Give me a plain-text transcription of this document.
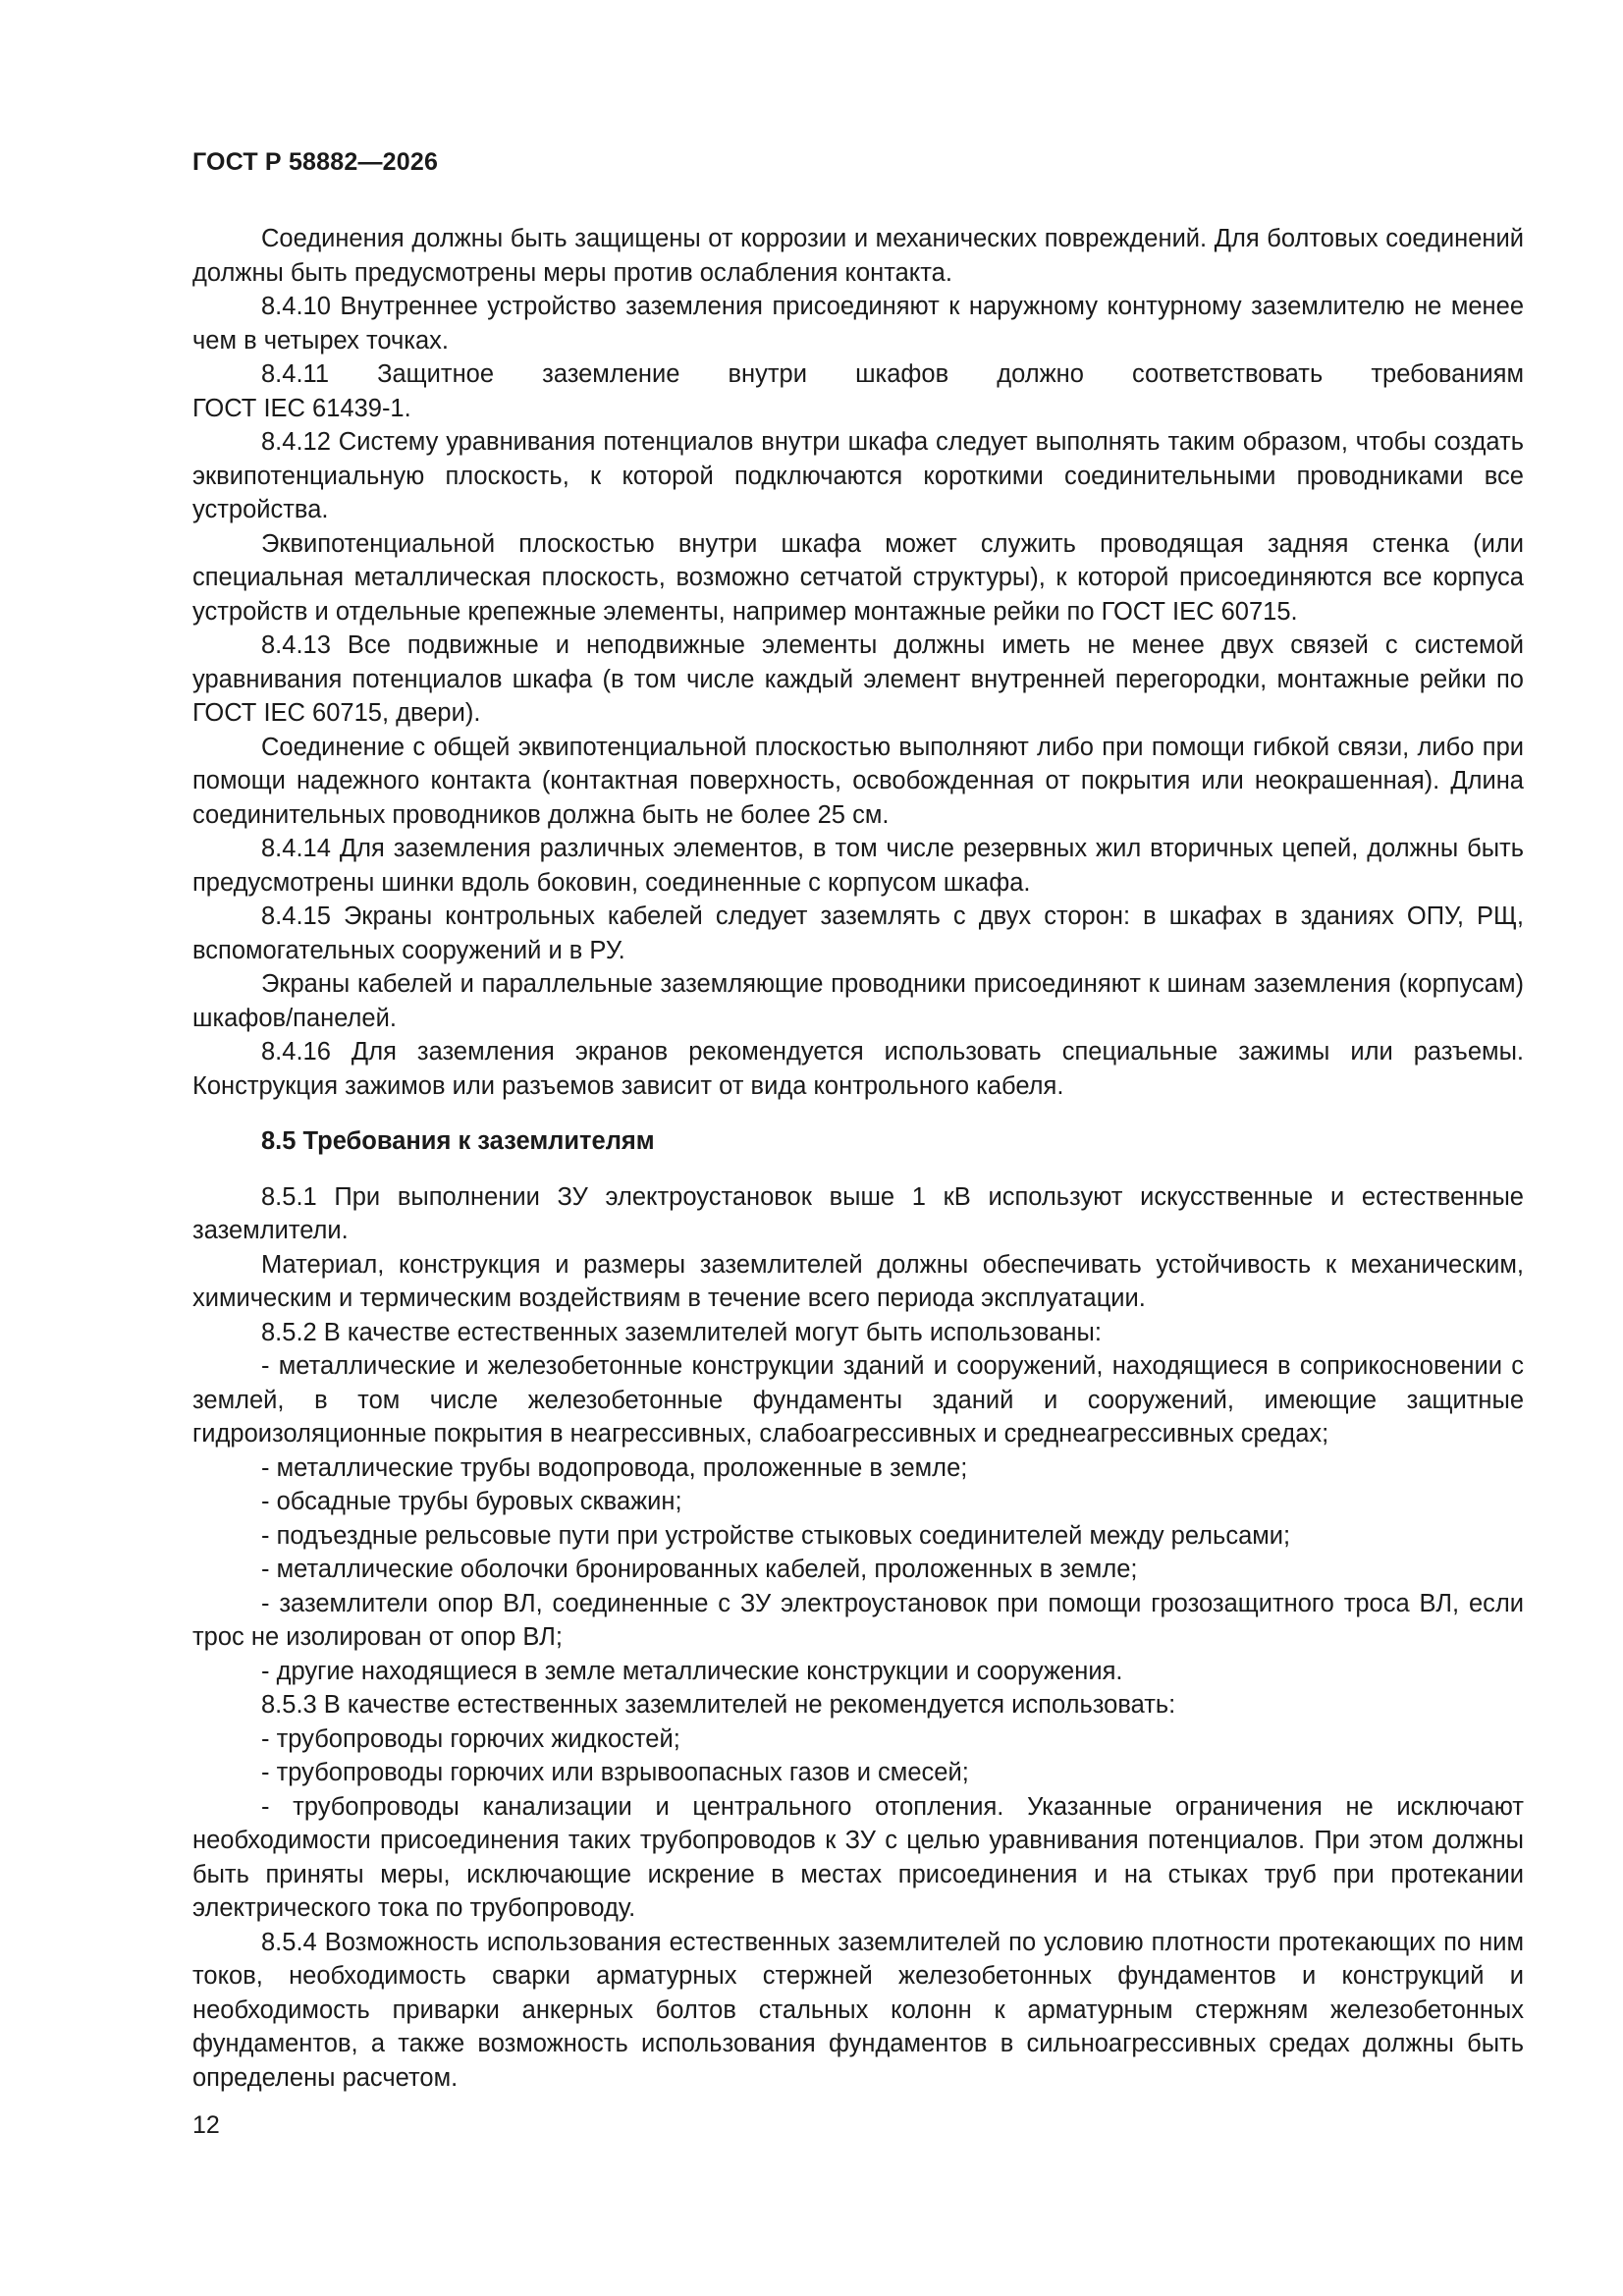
ГОСТ Р 58882—2026

Соединения должны быть защищены от коррозии и механических повреждений. Для болтовых соединений должны быть предусмотрены меры против ослабления контакта.

8.4.10 Внутреннее устройство заземления присоединяют к наружному контурному заземлителю не менее чем в четырех точках.

8.4.11 Защитное заземление внутри шкафов должно соответствовать требованиям

ГОСТ IEC 61439-1.

8.4.12 Систему уравнивания потенциалов внутри шкафа следует выполнять таким образом, чтобы создать эквипотенциальную плоскость, к которой подключаются короткими соединительными проводниками все устройства.

Эквипотенциальной плоскостью внутри шкафа может служить проводящая задняя стенка (или специальная металлическая плоскость, возможно сетчатой структуры), к которой присоединяются все корпуса устройств и отдельные крепежные элементы, например монтажные рейки по ГОСТ IEC 60715.

8.4.13 Все подвижные и неподвижные элементы должны иметь не менее двух связей с системой уравнивания потенциалов шкафа (в том числе каждый элемент внутренней перегородки, монтажные рейки по ГОСТ IEC 60715, двери).

Соединение с общей эквипотенциальной плоскостью выполняют либо при помощи гибкой связи, либо при помощи надежного контакта (контактная поверхность, освобожденная от покрытия или неокрашенная). Длина соединительных проводников должна быть не более 25 см.

8.4.14 Для заземления различных элементов, в том числе резервных жил вторичных цепей, должны быть предусмотрены шинки вдоль боковин, соединенные с корпусом шкафа.

8.4.15 Экраны контрольных кабелей следует заземлять с двух сторон: в шкафах в зданиях ОПУ, РЩ, вспомогательных сооружений и в РУ.

Экраны кабелей и параллельные заземляющие проводники присоединяют к шинам заземления (корпусам) шкафов/панелей.

8.4.16 Для заземления экранов рекомендуется использовать специальные зажимы или разъемы. Конструкция зажимов или разъемов зависит от вида контрольного кабеля.

8.5 Требования к заземлителям

8.5.1 При выполнении ЗУ электроустановок выше 1 кВ используют искусственные и естественные заземлители.

Материал, конструкция и размеры заземлителей должны обеспечивать устойчивость к механическим, химическим и термическим воздействиям в течение всего периода эксплуатации.

8.5.2 В качестве естественных заземлителей могут быть использованы:

- металлические и железобетонные конструкции зданий и сооружений, находящиеся в соприкосновении с землей, в том числе железобетонные фундаменты зданий и сооружений, имеющие защитные гидроизоляционные покрытия в неагрессивных, слабоагрессивных и среднеагрессивных средах;

- металлические трубы водопровода, проложенные в земле;

- обсадные трубы буровых скважин;

- подъездные рельсовые пути при устройстве стыковых соединителей между рельсами;

- металлические оболочки бронированных кабелей, проложенных в земле;

- заземлители опор ВЛ, соединенные с ЗУ электроустановок при помощи грозозащитного троса ВЛ, если трос не изолирован от опор ВЛ;

- другие находящиеся в земле металлические конструкции и сооружения.

8.5.3 В качестве естественных заземлителей не рекомендуется использовать:

- трубопроводы горючих жидкостей;

- трубопроводы горючих или взрывоопасных газов и смесей;

- трубопроводы канализации и центрального отопления. Указанные ограничения не исключают необходимости присоединения таких трубопроводов к ЗУ с целью уравнивания потенциалов. При этом должны быть приняты меры, исключающие искрение в местах присоединения и на стыках труб при протекании электрического тока по трубопроводу.

8.5.4 Возможность использования естественных заземлителей по условию плотности протекающих по ним токов, необходимость сварки арматурных стержней железобетонных фундаментов и конструкций и необходимость приварки анкерных болтов стальных колонн к арматурным стержням железобетонных фундаментов, а также возможность использования фундаментов в сильноагрессивных средах должны быть определены расчетом.

12
